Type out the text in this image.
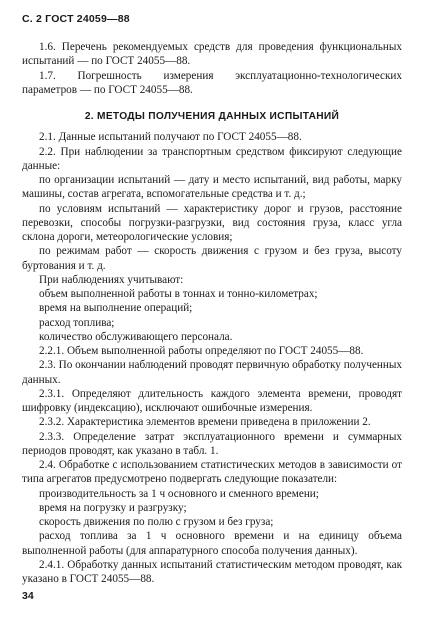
С. 2 ГОСТ 24059—88

1.6. Перечень рекомендуемых средств для проведения функциональных испытаний — по ГОСТ 24055—88.

1.7. Погрешность измерения эксплуатационно-технологических параметров — по ГОСТ 24055—88.

2. МЕТОДЫ ПОЛУЧЕНИЯ ДАННЫХ ИСПЫТАНИЙ

2.1. Данные испытаний получают по ГОСТ 24055—88.

2.2. При наблюдении за транспортным средством фиксируют следующие данные:

по организации испытаний — дату и место испытаний, вид работы, марку машины, состав агрегата, вспомогательные средства и т. д.;

по условиям испытаний — характеристику дорог и грузов, расстояние перевозки, способы погрузки-разгрузки, вид состояния груза, класс угла склона дороги, метеорологические условия;

по режимам работ — скорость движения с грузом и без груза, высоту буртования и т. д.

При наблюдениях учитывают:

объем выполненной работы в тоннах и тонно-километрах;

время на выполнение операций;

расход топлива;

количество обслуживающего персонала.

2.2.1. Объем выполненной работы определяют по ГОСТ 24055—88.

2.3. По окончании наблюдений проводят первичную обработку полученных данных.

2.3.1. Определяют длительность каждого элемента времени, проводят шифровку (индексацию), исключают ошибочные измерения.

2.3.2. Характеристика элементов времени приведена в приложении 2.

2.3.3. Определение затрат эксплуатационного времени и суммарных периодов проводят, как указано в табл. 1.

2.4. Обработке с использованием статистических методов в зависимости от типа агрегатов предусмотрено подвергать следующие показатели:

производительность за 1 ч основного и сменного времени;

время на погрузку и разгрузку;

скорость движения по полю с грузом и без груза;

расход топлива за 1 ч основного времени и на единицу объема выполненной работы (для аппаратурного способа получения данных).

2.4.1. Обработку данных испытаний статистическим методом проводят, как указано в ГОСТ 24055—88.

34
